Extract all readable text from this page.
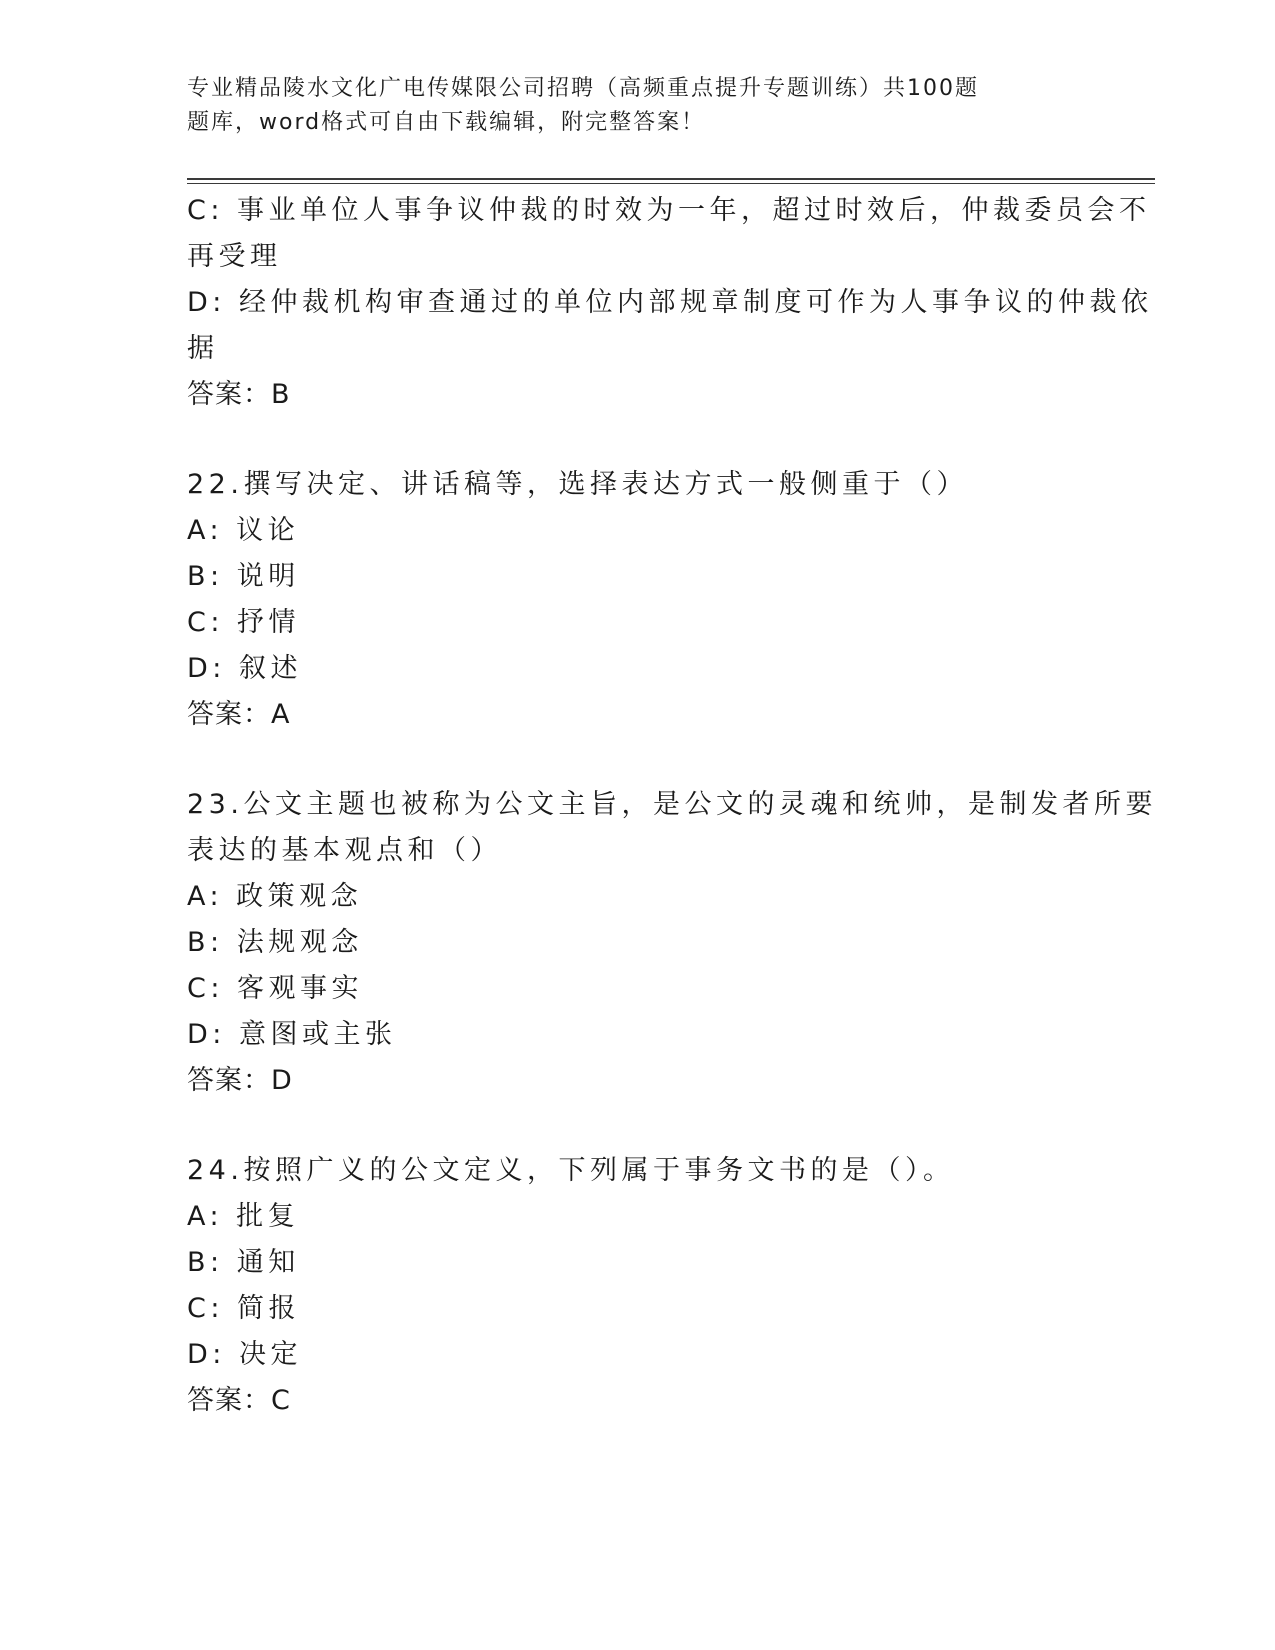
专业精品陵水文化广电传媒限公司招聘（高频重点提升专题训练）共100题
题库，word格式可自由下载编辑，附完整答案！
C: 事业单位人事争议仲裁的时效为一年，超过时效后，仲裁委员会不
再受理
D: 经仲裁机构审查通过的单位内部规章制度可作为人事争议的仲裁依
据
答案：B
22.撰写决定、讲话稿等，选择表达方式一般侧重于（）
A: 议论
B: 说明
C: 抒情
D: 叙述
答案：A
23.公文主题也被称为公文主旨，是公文的灵魂和统帅，是制发者所要
表达的基本观点和（）
A: 政策观念
B: 法规观念
C: 客观事实
D: 意图或主张
答案：D
24.按照广义的公文定义，下列属于事务文书的是（）。
A: 批复
B: 通知
C: 简报
D: 决定
答案：C
